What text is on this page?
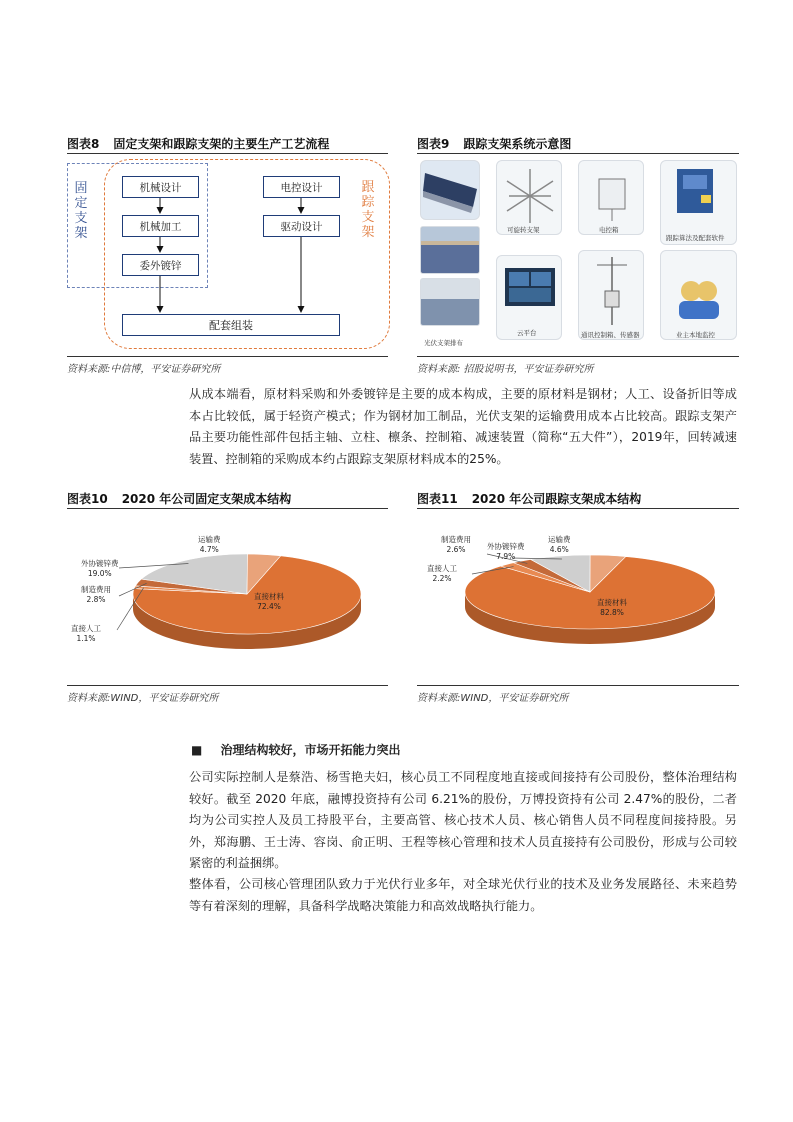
图表8 固定支架和跟踪支架的主要生产工艺流程
固定支架
跟踪支架
机械设计
机械加工
委外镀锌
电控设计
驱动设计
配套组装
资料来源:中信博，平安证券研究所
图表9 跟踪支架系统示意图
可旋转支架	电控箱
跟踪算法及配套软件
光伏支架排布
云平台	通讯控制箱、传感器	业主本地监控
资料来源: 招股说明书，平安证券研究所
从成本端看，原材料采购和外委镀锌是主要的成本构成，主要的原材料是钢材；人工、设备折旧等成本占比较低，属于轻资产模式；作为钢材加工制品，光伏支架的运输费用成本占比较高。跟踪支架产品主要功能性部件包括主轴、立柱、檩条、控制箱、减速装置（简称“五大件”），2019年，回转减速装置、控制箱的采购成本约占跟踪支架原材料成本的25%。
图表10 2020 年公司固定支架成本结构
直接材料
72.4%
直接人工
1.1%
制造费用
2.8%
外协镀锌费
19.0%
运输费
4.7%
资料来源:WIND，平安证券研究所
图表11 2020 年公司跟踪支架成本结构
直接材料
82.8%
直接人工
2.2%
制造费用
2.6%	外协镀锌费
7.9%
运输费
4.6%
资料来源:WIND，平安证券研究所
■ 治理结构较好，市场开拓能力突出
公司实际控制人是蔡浩、杨雪艳夫妇，核心员工不同程度地直接或间接持有公司股份，整体治理结构较好。截至 2020 年底，融博投资持有公司 6.21%的股份，万博投资持有公司 2.47%的股份，二者均为公司实控人及员工持股平台，主要高管、核心技术人员、核心销售人员不同程度间接持股。另外，郑海鹏、王士涛、容岗、俞正明、王程等核心管理和技术人员直接持有公司股份，形成与公司较紧密的利益捆绑。
整体看，公司核心管理团队致力于光伏行业多年，对全球光伏行业的技术及业务发展路径、未来趋势等有着深刻的理解，具备科学战略决策能力和高效战略执行能力。
